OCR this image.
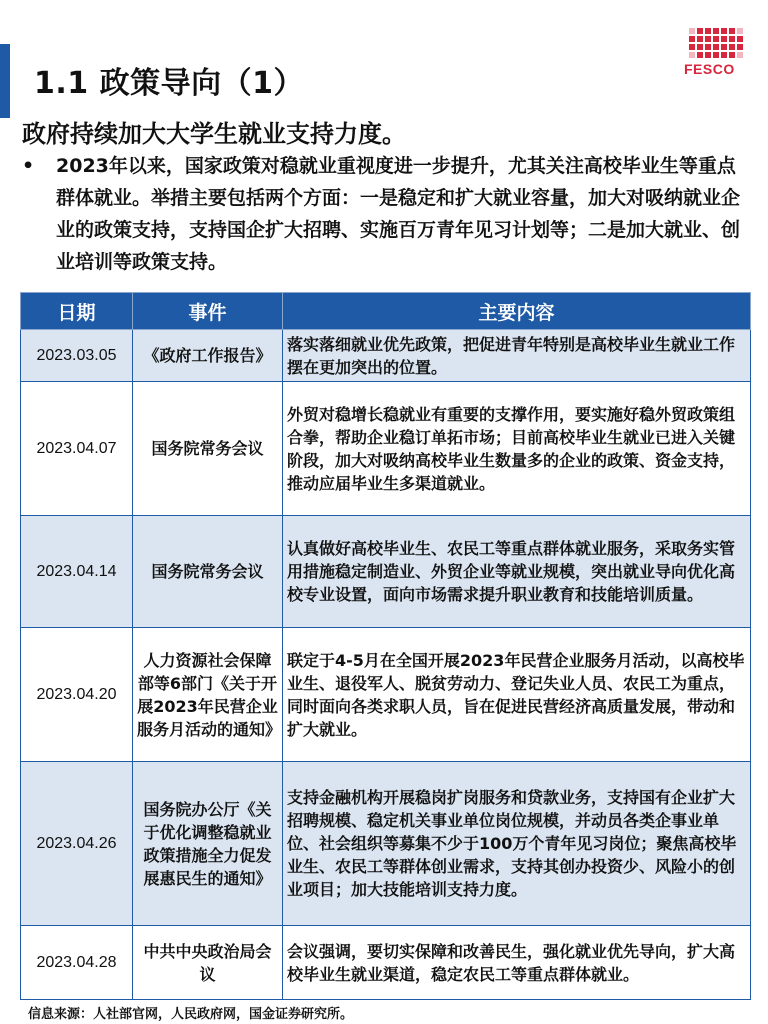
1.1 政策导向（1）
政府持续加大大学生就业支持力度。
FESCO
•	2023年以来，国家政策对稳就业重视度进一步提升，尤其关注高校毕业生等重点群体就业。举措主要包括两个方面：一是稳定和扩大就业容量，加大对吸纳就业企业的政策支持，支持国企扩大招聘、实施百万青年见习计划等；二是加大就业、创业培训等政策支持。
日期	事件	主要内容
2023.03.05	《政府工作报告》	落实落细就业优先政策，把促进青年特别是高校毕业生就业工作摆在更加突出的位置。
2023.04.07	国务院常务会议	外贸对稳增长稳就业有重要的支撑作用，要实施好稳外贸政策组合拳，帮助企业稳订单拓市场；目前高校毕业生就业已进入关键阶段，加大对吸纳高校毕业生数量多的企业的政策、资金支持，推动应届毕业生多渠道就业。
2023.04.14	国务院常务会议	认真做好高校毕业生、农民工等重点群体就业服务，采取务实管用措施稳定制造业、外贸企业等就业规模，突出就业导向优化高校专业设置，面向市场需求提升职业教育和技能培训质量。
2023.04.20	人力资源社会保障部等6部门《关于开展2023年民营企业服务月活动的通知》	联定于4-5月在全国开展2023年民营企业服务月活动，以高校毕业生、退役军人、脱贫劳动力、登记失业人员、农民工为重点，同时面向各类求职人员，旨在促进民营经济高质量发展，带动和扩大就业。
2023.04.26	国务院办公厅《关于优化调整稳就业政策措施全力促发展惠民生的通知》	支持金融机构开展稳岗扩岗服务和贷款业务，支持国有企业扩大招聘规模、稳定机关事业单位岗位规模，并动员各类企事业单位、社会组织等募集不少于100万个青年见习岗位；聚焦高校毕业生、农民工等群体创业需求，支持其创办投资少、风险小的创业项目；加大技能培训支持力度。
2023.04.28	中共中央政治局会议	会议强调，要切实保障和改善民生，强化就业优先导向，扩大高校毕业生就业渠道，稳定农民工等重点群体就业。
信息来源：人社部官网，人民政府网，国金证券研究所。
